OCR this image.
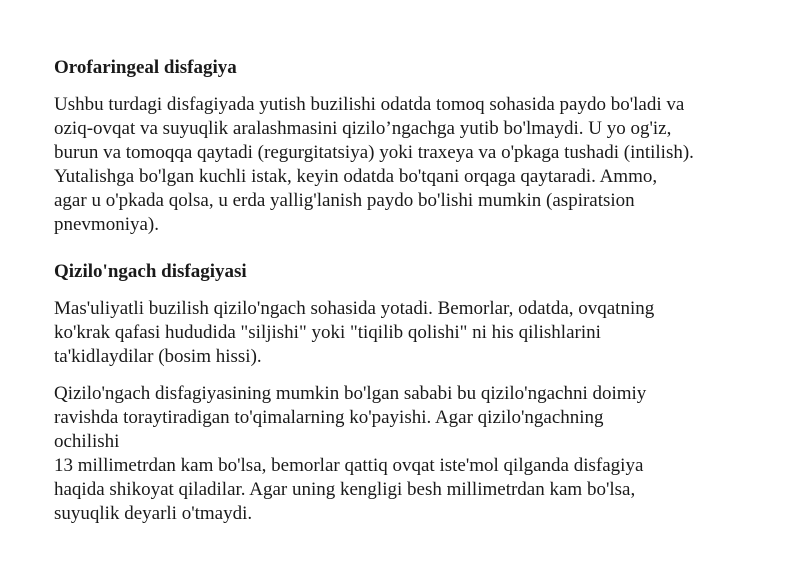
Orofaringeal disfagiya

Ushbu turdagi disfagiyada yutish buzilishi odatda tomoq sohasida paydo bo'ladi va
oziq-ovqat va suyuqlik aralashmasini qizilo’ngachga yutib bo'lmaydi. U yo og'iz,
burun va tomoqqa qaytadi (regurgitatsiya) yoki traxeya va o'pkaga tushadi (intilish).
Yutalishga bo'lgan kuchli istak, keyin odatda bo'tqani orqaga qaytaradi. Ammo,
agar u o'pkada qolsa, u erda yallig'lanish paydo bo'lishi mumkin (aspiratsion
pnevmoniya).

Qizilo'ngach disfagiyasi

Mas'uliyatli buzilish qizilo'ngach sohasida yotadi. Bemorlar, odatda, ovqatning
ko'krak qafasi hududida "siljishi" yoki "tiqilib qolishi" ni his qilishlarini
ta'kidlaydilar (bosim hissi).

Qizilo'ngach disfagiyasining mumkin bo'lgan sababi bu qizilo'ngachni doimiy
ravishda toraytiradigan to'qimalarning ko'payishi. Agar qizilo'ngachning
ochilishi
13 millimetrdan kam bo'lsa, bemorlar qattiq ovqat iste'mol qilganda disfagiya
haqida shikoyat qiladilar. Agar uning kengligi besh millimetrdan kam bo'lsa,
suyuqlik deyarli o'tmaydi.
